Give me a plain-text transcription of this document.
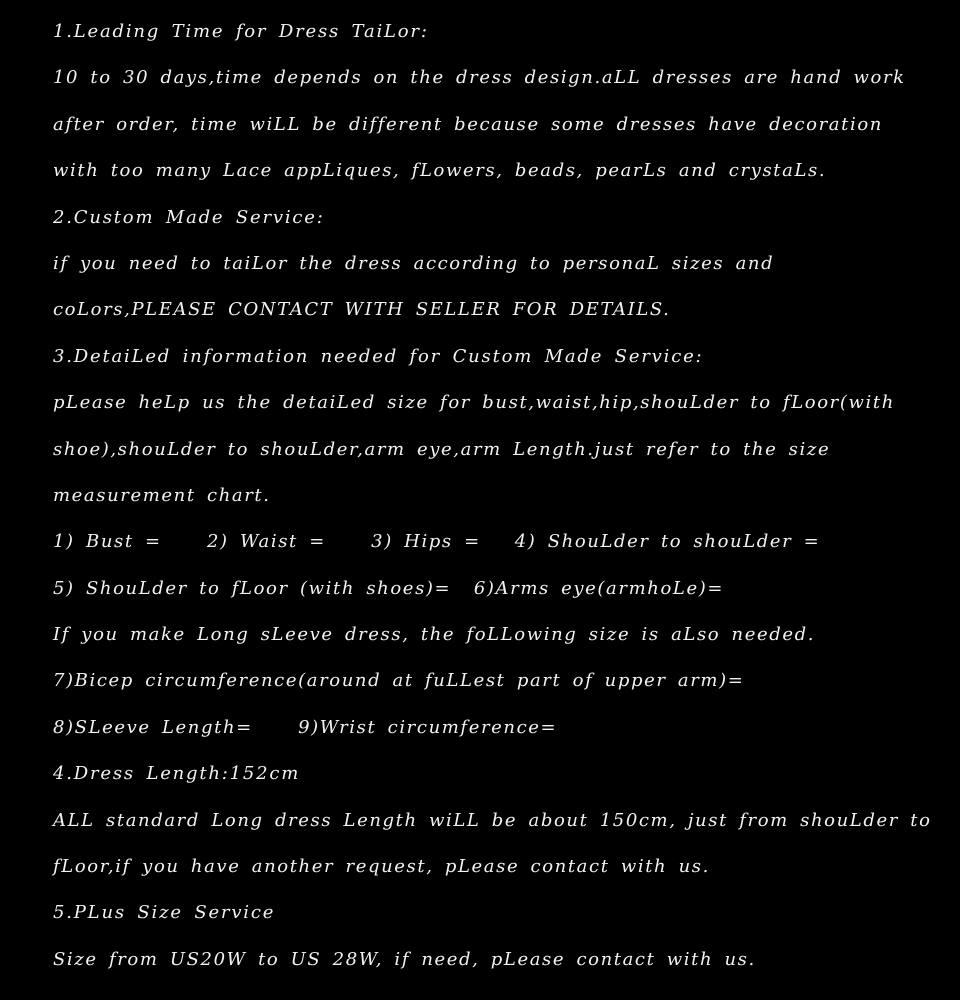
1.Leading Time for Dress TaiLor:
10 to 30 days,time depends on the dress design.aLL dresses are hand work
after order, time wiLL be different because some dresses have decoration
with too many Lace appLiques, fLowers, beads, pearLs and crystaLs.
2.Custom Made Service:
if you need to taiLor the dress according to personaL sizes and
coLors,PLEASE CONTACT WITH SELLER FOR DETAILS.
3.DetaiLed information needed for Custom Made Service:
pLease heLp us the detaiLed size for bust,waist,hip,shouLder to fLoor(with
shoe),shouLder to shouLder,arm eye,arm Length.just refer to the size
measurement chart.
1) Bust =    2) Waist =    3) Hips =   4) ShouLder to shouLder =
5) ShouLder to fLoor (with shoes)=  6)Arms eye(armhoLe)=
If you make Long sLeeve dress, the foLLowing size is aLso needed.
7)Bicep circumference(around at fuLLest part of upper arm)=
8)SLeeve Length=    9)Wrist circumference=
4.Dress Length:152cm
ALL standard Long dress Length wiLL be about 150cm, just from shouLder to
fLoor,if you have another request, pLease contact with us.
5.PLus Size Service
Size from US20W to US 28W, if need, pLease contact with us.
